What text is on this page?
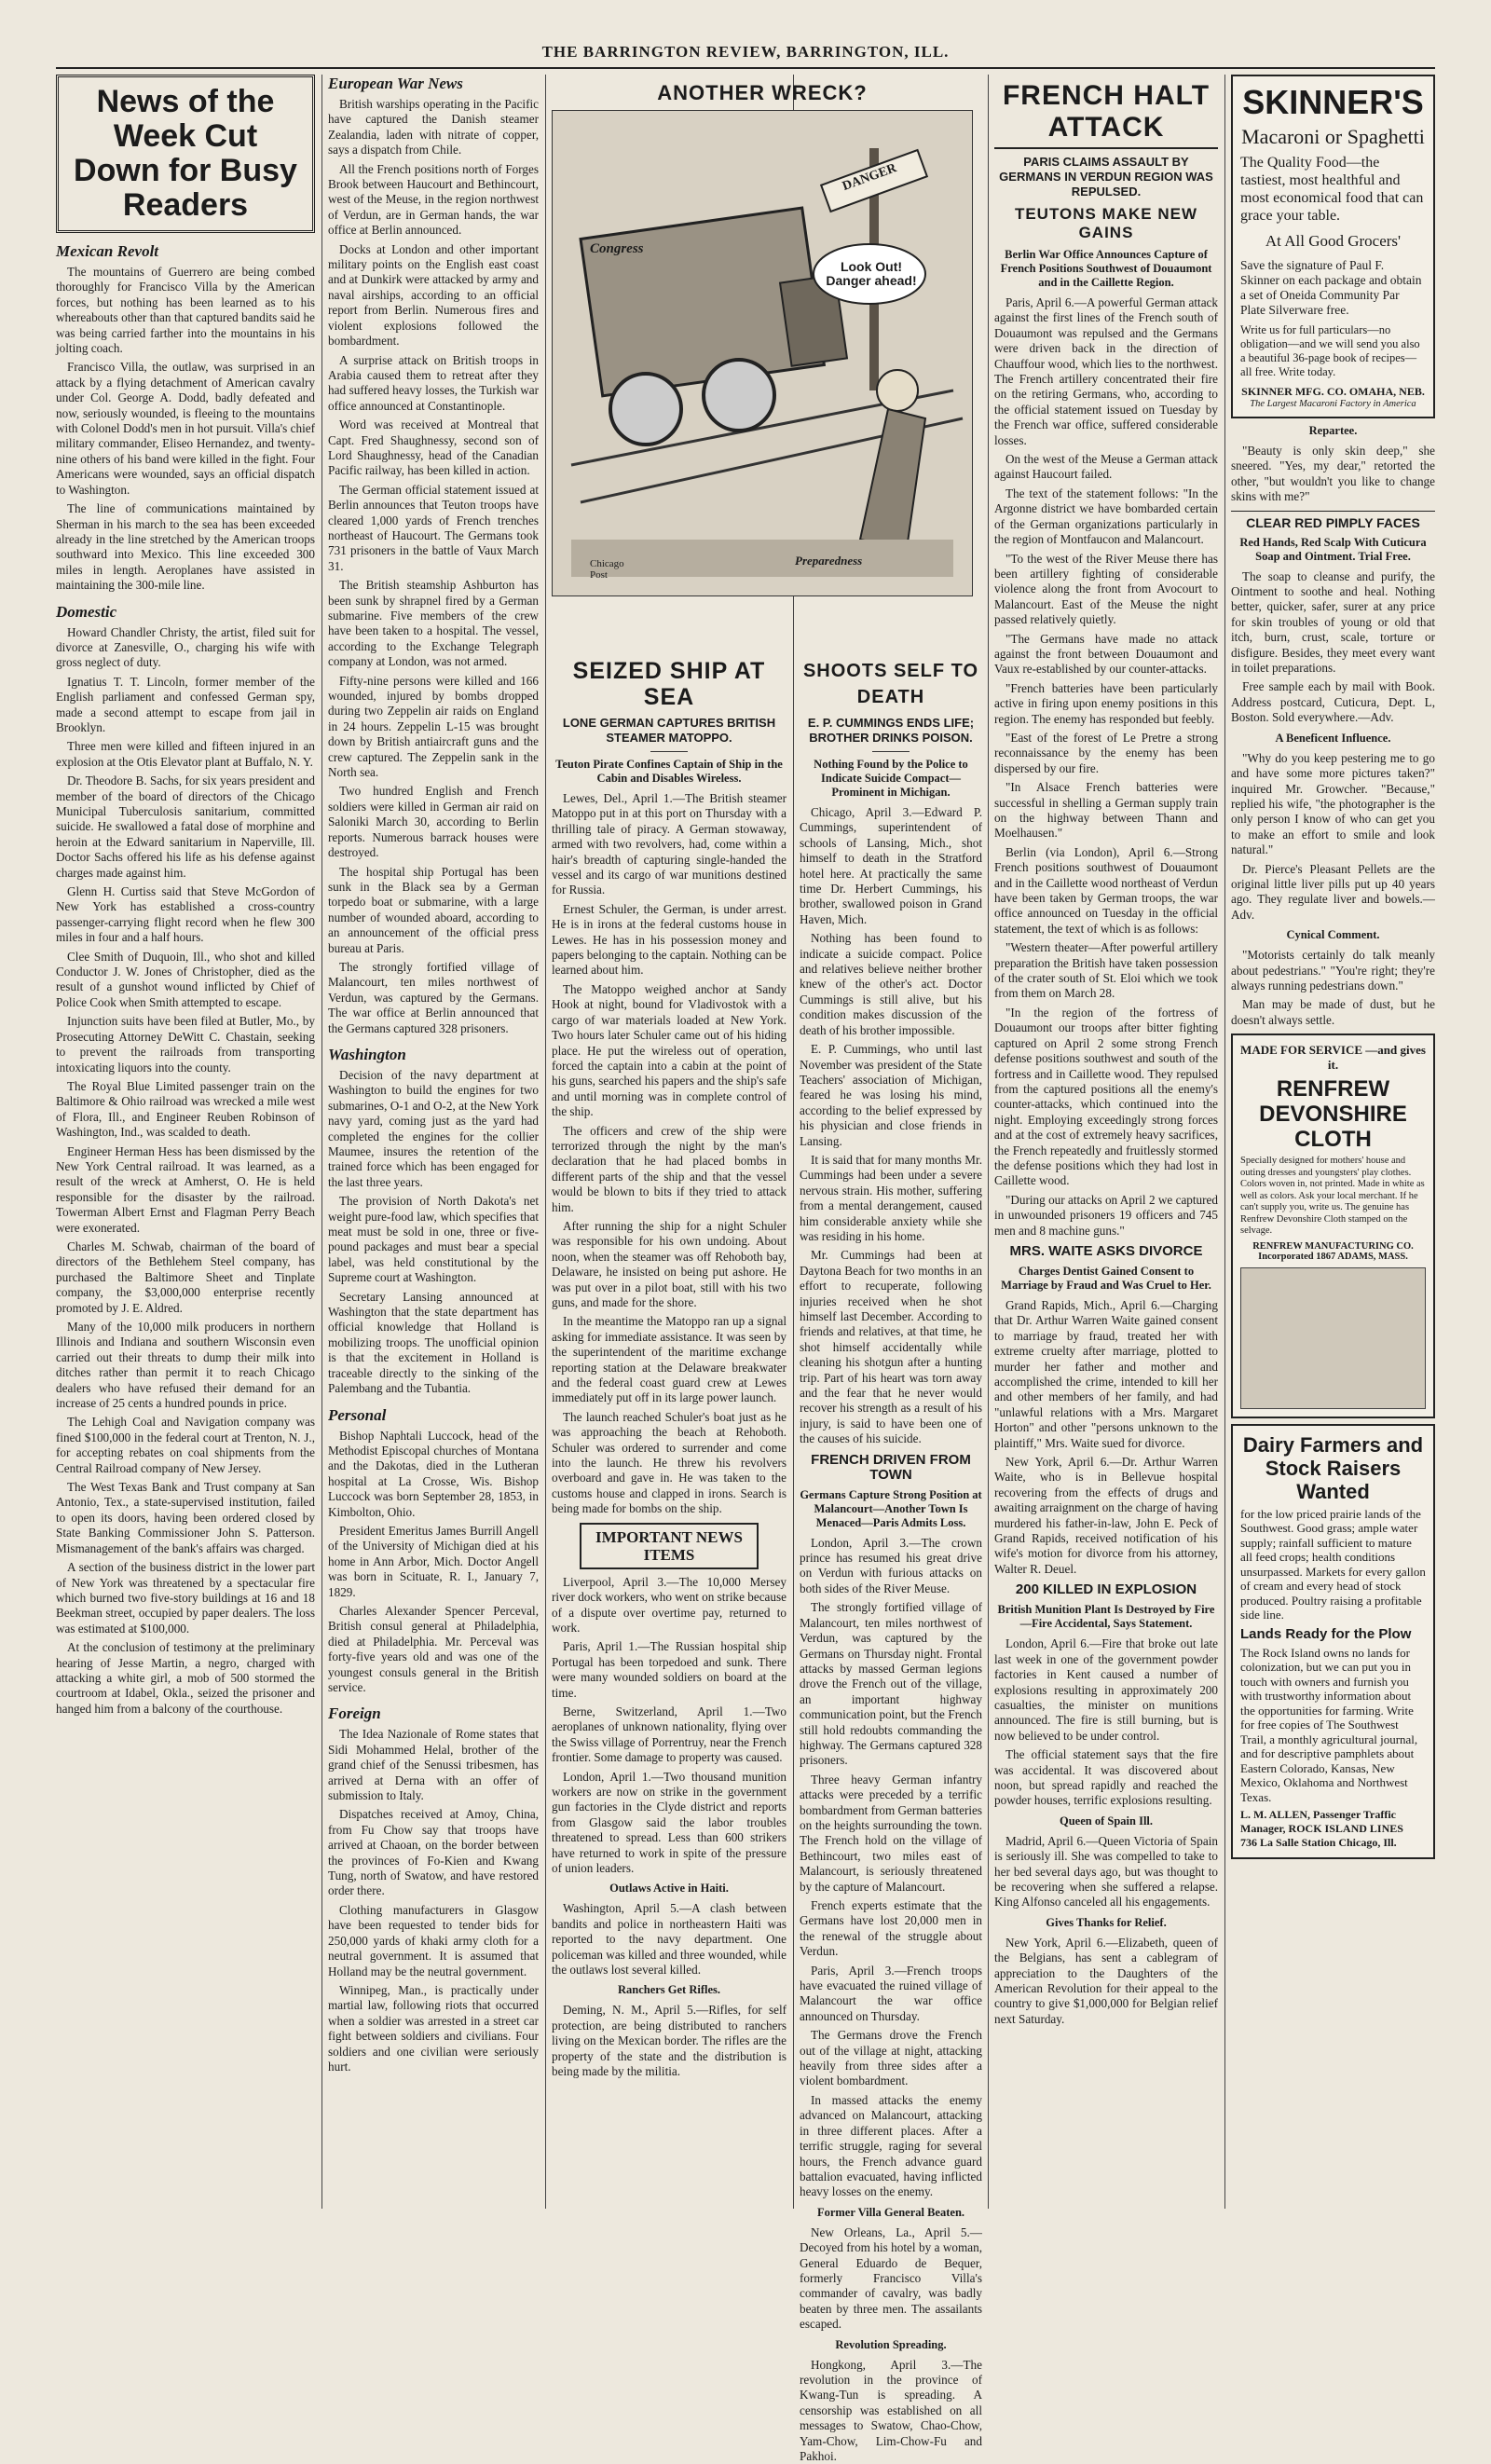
THE BARRINGTON REVIEW, BARRINGTON, ILL.
News of the Week Cut Down for Busy Readers
Mexican Revolt

The mountains of Guerrero are being combed thoroughly for Francisco Villa by the American forces, but nothing has been learned as to his whereabouts other than that captured bandits said he was being carried farther into the mountains in his jolting coach.

Francisco Villa, the outlaw, was surprised in an attack by a flying detachment of American cavalry under Col. George A. Dodd, badly defeated and now, seriously wounded, is fleeing to the mountains with Colonel Dodd's men in hot pursuit. Villa's chief military commander, Eliseo Hernandez, and twenty-nine others of his band were killed in the fight. Four Americans were wounded, says an official dispatch to Washington.

The line of communications maintained by Sherman in his march to the sea has been exceeded already in the line stretched by the American troops southward into Mexico. This line exceeded 300 miles in length. Aeroplanes have assisted in maintaining the 300-mile line.

Domestic

Howard Chandler Christy, the artist, filed suit for divorce at Zanesville, O., charging his wife with gross neglect of duty.

Ignatius T. T. Lincoln, former member of the English parliament and confessed German spy, made a second attempt to escape from jail in Brooklyn.

Three men were killed and fifteen injured in an explosion at the Otis Elevator plant at Buffalo, N. Y.

Dr. Theodore B. Sachs, for six years president and member of the board of directors of the Chicago Municipal Tuberculosis sanitarium, committed suicide. He swallowed a fatal dose of morphine and heroin at the Edward sanitarium in Naperville, Ill. Doctor Sachs offered his life as his defense against charges made against him.

Glenn H. Curtiss said that Steve McGordon of New York has established a cross-country passenger-carrying flight record when he flew 300 miles in four and a half hours.

Clee Smith of Duquoin, Ill., who shot and killed Conductor J. W. Jones of Christopher, died as the result of a gunshot wound inflicted by Chief of Police Cook when Smith attempted to escape.

Injunction suits have been filed at Butler, Mo., by Prosecuting Attorney DeWitt C. Chastain, seeking to prevent the railroads from transporting intoxicating liquors into the county.

The Royal Blue Limited passenger train on the Baltimore & Ohio railroad was wrecked a mile west of Flora, Ill., and Engineer Reuben Robinson of Washington, Ind., was scalded to death.

Engineer Herman Hess has been dismissed by the New York Central railroad. It was learned, as a result of the wreck at Amherst, O. He is held responsible for the disaster by the railroad. Towerman Albert Ernst and Flagman Perry Beach were exonerated.

Charles M. Schwab, chairman of the board of directors of the Bethlehem Steel company, has purchased the Baltimore Sheet and Tinplate company, the $3,000,000 enterprise recently promoted by J. E. Aldred.

Many of the 10,000 milk producers in northern Illinois and Indiana and southern Wisconsin even carried out their threats to dump their milk into ditches rather than permit it to reach Chicago dealers who have refused their demand for an increase of 25 cents a hundred pounds in price.

The Lehigh Coal and Navigation company was fined $100,000 in the federal court at Trenton, N. J., for accepting rebates on coal shipments from the Central Railroad company of New Jersey.

The West Texas Bank and Trust company at San Antonio, Tex., a state-supervised institution, failed to open its doors, having been ordered closed by State Banking Commissioner John S. Patterson. Mismanagement of the bank's affairs was charged.

A section of the business district in the lower part of New York was threatened by a spectacular fire which burned two five-story buildings at 16 and 18 Beekman street, occupied by paper dealers. The loss was estimated at $100,000.

At the conclusion of testimony at the preliminary hearing of Jesse Martin, a negro, charged with attacking a white girl, a mob of 500 stormed the courtroom at Idabel, Okla., seized the prisoner and hanged him from a balcony of the courthouse.

European War News

British warships operating in the Pacific have captured the Danish steamer Zealandia, laden with nitrate of copper, says a dispatch from Chile.

All the French positions north of Forges Brook between Haucourt and Bethincourt, west of the Meuse, in the region northwest of Verdun, are in German hands, the war office at Berlin announced.

Docks at London and other important military points on the English east coast and at Dunkirk were attacked by army and naval airships, according to an official report from Berlin. Numerous fires and violent explosions followed the bombardment.

A surprise attack on British troops in Arabia caused them to retreat after they had suffered heavy losses, the Turkish war office announced at Constantinople.

Word was received at Montreal that Capt. Fred Shaughnessy, second son of Lord Shaughnessy, head of the Canadian Pacific railway, has been killed in action.

The German official statement issued at Berlin announces that Teuton troops have cleared 1,000 yards of French trenches northeast of Haucourt. The Germans took 731 prisoners in the battle of Vaux March 31.

The British steamship Ashburton has been sunk by shrapnel fired by a German submarine. Five members of the crew have been taken to a hospital. The vessel, according to the Exchange Telegraph company at London, was not armed.

Fifty-nine persons were killed and 166 wounded, injured by bombs dropped during two Zeppelin air raids on England in 24 hours. Zeppelin L-15 was brought down by British antiaircraft guns and the crew captured. The Zeppelin sank in the North sea.

Two hundred English and French soldiers were killed in German air raid on Saloniki March 30, according to Berlin reports. Numerous barrack houses were destroyed.

The hospital ship Portugal has been sunk in the Black sea by a German torpedo boat or submarine, with a large number of wounded aboard, according to an announcement of the official press bureau at Paris.

The strongly fortified village of Malancourt, ten miles northwest of Verdun, was captured by the Germans. The war office at Berlin announced that the Germans captured 328 prisoners.

Washington

Decision of the navy department at Washington to build the engines for two submarines, O-1 and O-2, at the New York navy yard, coming just as the yard had completed the engines for the collier Maumee, insures the retention of the trained force which has been engaged for the last three years.

The provision of North Dakota's net weight pure-food law, which specifies that meat must be sold in one, three or five-pound packages and must bear a special label, was held constitutional by the Supreme court at Washington.

Secretary Lansing announced at Washington that the state department has official knowledge that Holland is mobilizing troops. The unofficial opinion is that the excitement in Holland is traceable directly to the sinking of the Palembang and the Tubantia.

Personal

Bishop Naphtali Luccock, head of the Methodist Episcopal churches of Montana and the Dakotas, died in the Lutheran hospital at La Crosse, Wis. Bishop Luccock was born September 28, 1853, in Kimbolton, Ohio.

President Emeritus James Burrill Angell of the University of Michigan died at his home in Ann Arbor, Mich. Doctor Angell was born in Scituate, R. I., January 7, 1829.

Charles Alexander Spencer Perceval, British consul general at Philadelphia, died at Philadelphia. Mr. Perceval was forty-five years old and was one of the youngest consuls general in the British service.

Foreign

The Idea Nazionale of Rome states that Sidi Mohammed Helal, brother of the grand chief of the Senussi tribesmen, has arrived at Derna with an offer of submission to Italy.

Dispatches received at Amoy, China, from Fu Chow say that troops have arrived at Chaoan, on the border between the provinces of Fo-Kien and Kwang Tung, north of Swatow, and have restored order there.

Clothing manufacturers in Glasgow have been requested to tender bids for 250,000 yards of khaki army cloth for a neutral government. It is assumed that Holland may be the neutral government.

Winnipeg, Man., is practically under martial law, following riots that occurred when a soldier was arrested in a street car fight between soldiers and civilians. Four soldiers and one civilian were seriously hurt.

ANOTHER WRECK?
DANGER
Look Out! Danger ahead!
Congress
Preparedness
Chicago Post
SEIZED SHIP AT SEA
LONE GERMAN CAPTURES BRITISH STEAMER MATOPPO.
Teuton Pirate Confines Captain of Ship in the Cabin and Disables Wireless.

Lewes, Del., April 1.—The British steamer Matoppo put in at this port on Thursday with a thrilling tale of piracy. A German stowaway, armed with two revolvers, had, come within a hair's breadth of capturing single-handed the vessel and its cargo of war munitions destined for Russia.

Ernest Schuler, the German, is under arrest. He is in irons at the federal customs house in Lewes. He has in his possession money and papers belonging to the captain. Nothing can be learned about him.

The Matoppo weighed anchor at Sandy Hook at night, bound for Vladivostok with a cargo of war materials loaded at New York. Two hours later Schuler came out of his hiding place. He put the wireless out of operation, forced the captain into a cabin at the point of his guns, searched his papers and the ship's safe and until morning was in complete control of the ship.

The officers and crew of the ship were terrorized through the night by the man's declaration that he had placed bombs in different parts of the ship and that the vessel would be blown to bits if they tried to attack him.

After running the ship for a night Schuler was responsible for his own undoing. About noon, when the steamer was off Rehoboth bay, Delaware, he insisted on being put ashore. He was put over in a pilot boat, still with his two guns, and made for the shore.

In the meantime the Matoppo ran up a signal asking for immediate assistance. It was seen by the superintendent of the maritime exchange reporting station at the Delaware breakwater and the federal coast guard crew at Lewes immediately put off in its large power launch.

The launch reached Schuler's boat just as he was approaching the beach at Rehoboth. Schuler was ordered to surrender and come into the launch. He threw his revolvers overboard and gave in. He was taken to the customs house and clapped in irons. Search is being made for bombs on the ship.

IMPORTANT NEWS ITEMS

Liverpool, April 3.—The 10,000 Mersey river dock workers, who went on strike because of a dispute over overtime pay, returned to work.

Paris, April 1.—The Russian hospital ship Portugal has been torpedoed and sunk. There were many wounded soldiers on board at the time.

Berne, Switzerland, April 1.—Two aeroplanes of unknown nationality, flying over the Swiss village of Porrentruy, near the French frontier. Some damage to property was caused.

London, April 1.—Two thousand munition workers are now on strike in the government gun factories in the Clyde district and reports from Glasgow said the labor troubles threatened to spread. Less than 600 strikers have returned to work in spite of the pressure of union leaders.

Outlaws Active in Haiti.

Washington, April 5.—A clash between bandits and police in northeastern Haiti was reported to the navy department. One policeman was killed and three wounded, while the outlaws lost several killed.

Ranchers Get Rifles.

Deming, N. M., April 5.—Rifles, for self protection, are being distributed to ranchers living on the Mexican border. The rifles are the property of the state and the distribution is being made by the militia.

SHOOTS SELF TO DEATH
E. P. CUMMINGS ENDS LIFE; BROTHER DRINKS POISON.
Nothing Found by the Police to Indicate Suicide Compact—Prominent in Michigan.

Chicago, April 3.—Edward P. Cummings, superintendent of schools of Lansing, Mich., shot himself to death in the Stratford hotel here. At practically the same time Dr. Herbert Cummings, his brother, swallowed poison in Grand Haven, Mich.

Nothing has been found to indicate a suicide compact. Police and relatives believe neither brother knew of the other's act. Doctor Cummings is still alive, but his condition makes discussion of the death of his brother impossible.

E. P. Cummings, who until last November was president of the State Teachers' association of Michigan, feared he was losing his mind, according to the belief expressed by his physician and close friends in Lansing.

It is said that for many months Mr. Cummings had been under a severe nervous strain. His mother, suffering from a mental derangement, caused him considerable anxiety while she was residing in his home.

Mr. Cummings had been at Daytona Beach for two months in an effort to recuperate, following injuries received when he shot himself last December. According to friends and relatives, at that time, he shot himself accidentally while cleaning his shotgun after a hunting trip. Part of his heart was torn away and the fear that he never would recover his strength as a result of his injury, is said to have been one of the causes of his suicide.

FRENCH DRIVEN FROM TOWN
Germans Capture Strong Position at Malancourt—Another Town Is Menaced—Paris Admits Loss.

London, April 3.—The crown prince has resumed his great drive on Verdun with furious attacks on both sides of the River Meuse.

The strongly fortified village of Malancourt, ten miles northwest of Verdun, was captured by the Germans on Thursday night. Frontal attacks by massed German legions drove the French out of the village, an important highway communication point, but the French still hold redoubts commanding the highway. The Germans captured 328 prisoners.

Three heavy German infantry attacks were preceded by a terrific bombardment from German batteries on the heights surrounding the town. The French hold on the village of Bethincourt, two miles east of Malancourt, is seriously threatened by the capture of Malancourt.

French experts estimate that the Germans have lost 20,000 men in the renewal of the struggle about Verdun.

Paris, April 3.—French troops have evacuated the ruined village of Malancourt the war office announced on Thursday.

The Germans drove the French out of the village at night, attacking heavily from three sides after a violent bombardment.

In massed attacks the enemy advanced on Malancourt, attacking in three different places. After a terrific struggle, raging for several hours, the French advance guard battalion evacuated, having inflicted heavy losses on the enemy.

Former Villa General Beaten.

New Orleans, La., April 5.—Decoyed from his hotel by a woman, General Eduardo de Bequer, formerly Francisco Villa's commander of cavalry, was badly beaten by three men. The assailants escaped.

Revolution Spreading.

Hongkong, April 3.—The revolution in the province of Kwang-Tun is spreading. A censorship was established on all messages to Swatow, Chao-Chow, Yam-Chow, Lim-Chow-Fu and Pakhoi.

FRENCH HALT ATTACK
PARIS CLAIMS ASSAULT BY GERMANS IN VERDUN REGION WAS REPULSED.
TEUTONS MAKE NEW GAINS
Berlin War Office Announces Capture of French Positions Southwest of Douaumont and in the Caillette Region.

Paris, April 6.—A powerful German attack against the first lines of the French south of Douaumont was repulsed and the Germans were driven back in the direction of Chauffour wood, which lies to the northwest. The French artillery concentrated their fire on the retiring Germans, who, according to the official statement issued on Tuesday by the French war office, suffered considerable losses.

On the west of the Meuse a German attack against Haucourt failed.

The text of the statement follows: "In the Argonne district we have bombarded certain of the German organizations particularly in the region of Montfaucon and Malancourt.

"To the west of the River Meuse there has been artillery fighting of considerable violence along the front from Avocourt to Malancourt. East of the Meuse the night passed relatively quietly.

"The Germans have made no attack against the front between Douaumont and Vaux re-established by our counter-attacks.

"French batteries have been particularly active in firing upon enemy positions in this region. The enemy has responded but feebly.

"East of the forest of Le Pretre a strong reconnaissance by the enemy has been dispersed by our fire.

"In Alsace French batteries were successful in shelling a German supply train on the highway between Thann and Moelhausen."

Berlin (via London), April 6.—Strong French positions southwest of Douaumont and in the Caillette wood northeast of Verdun have been taken by German troops, the war office announced on Tuesday in the official statement, the text of which is as follows:

"Western theater—After powerful artillery preparation the British have taken possession of the crater south of St. Eloi which we took from them on March 28.

"In the region of the fortress of Douaumont our troops after bitter fighting captured on April 2 some strong French defense positions southwest and south of the fortress and in Caillette wood. They repulsed from the captured positions all the enemy's counter-attacks, which continued into the night. Employing exceedingly strong forces and at the cost of extremely heavy sacrifices, the French repeatedly and fruitlessly stormed the defense positions which they had lost in Caillette wood.

"During our attacks on April 2 we captured in unwounded prisoners 19 officers and 745 men and 8 machine guns."

MRS. WAITE ASKS DIVORCE
Charges Dentist Gained Consent to Marriage by Fraud and Was Cruel to Her.

Grand Rapids, Mich., April 6.—Charging that Dr. Arthur Warren Waite gained consent to marriage by fraud, treated her with extreme cruelty after marriage, plotted to murder her father and mother and accomplished the crime, intended to kill her and other members of her family, and had "unlawful relations with a Mrs. Margaret Horton" and other "persons unknown to the plaintiff," Mrs. Waite sued for divorce.

New York, April 6.—Dr. Arthur Warren Waite, who is in Bellevue hospital recovering from the effects of drugs and awaiting arraignment on the charge of having murdered his father-in-law, John E. Peck of Grand Rapids, received notification of his wife's motion for divorce from his attorney, Walter R. Deuel.

200 KILLED IN EXPLOSION
British Munition Plant Is Destroyed by Fire—Fire Accidental, Says Statement.

London, April 6.—Fire that broke out late last week in one of the government powder factories in Kent caused a number of explosions resulting in approximately 200 casualties, the minister on munitions announced. The fire is still burning, but is now believed to be under control.

The official statement says that the fire was accidental. It was discovered about noon, but spread rapidly and reached the powder houses, terrific explosions resulting.

Queen of Spain Ill.

Madrid, April 6.—Queen Victoria of Spain is seriously ill. She was compelled to take to her bed several days ago, but was thought to be recovering when she suffered a relapse. King Alfonso canceled all his engagements.

Gives Thanks for Relief.

New York, April 6.—Elizabeth, queen of the Belgians, has sent a cablegram of appreciation to the Daughters of the American Revolution for their appeal to the country to give $1,000,000 for Belgian relief next Saturday.

SKINNER'S
Macaroni or Spaghetti
The Quality Food—the tastiest, most healthful and most economical food that can grace your table.
At All Good Grocers'
Save the signature of Paul F. Skinner on each package and obtain a set of Oneida Community Par Plate Silverware free.
Write us for full particulars—no obligation—and we will send you also a beautiful 36-page book of recipes—all free. Write today.
SKINNER MFG. CO. OMAHA, NEB.
The Largest Macaroni Factory in America
Repartee.

"Beauty is only skin deep," she sneered. "Yes, my dear," retorted the other, "but wouldn't you like to change skins with me?"

CLEAR RED PIMPLY FACES
Red Hands, Red Scalp With Cuticura Soap and Ointment. Trial Free.

The soap to cleanse and purify, the Ointment to soothe and heal. Nothing better, quicker, safer, surer at any price for skin troubles of young or old that itch, burn, crust, scale, torture or disfigure. Besides, they meet every want in toilet preparations.

Free sample each by mail with Book. Address postcard, Cuticura, Dept. L, Boston. Sold everywhere.—Adv.

A Beneficent Influence.

"Why do you keep pestering me to go and have some more pictures taken?" inquired Mr. Growcher. "Because," replied his wife, "the photographer is the only person I know of who can get you to make an effort to smile and look natural."

Dr. Pierce's Pleasant Pellets are the original little liver pills put up 40 years ago. They regulate liver and bowels.—Adv.

Cynical Comment.

"Motorists certainly do talk meanly about pedestrians." "You're right; they're always running pedestrians down."

Man may be made of dust, but he doesn't always settle.

MADE FOR SERVICE —and gives it.
RENFREW DEVONSHIRE CLOTH
Specially designed for mothers' house and outing dresses and youngsters' play clothes. Colors woven in, not printed. Made in white as well as colors. Ask your local merchant. If he can't supply you, write us. The genuine has Renfrew Devonshire Cloth stamped on the selvage.
RENFREW MANUFACTURING CO. Incorporated 1867 ADAMS, MASS.
Dairy Farmers and Stock Raisers Wanted
for the low priced prairie lands of the Southwest. Good grass; ample water supply; rainfall sufficient to mature all feed crops; health conditions unsurpassed. Markets for every gallon of cream and every head of stock produced. Poultry raising a profitable side line.
Lands Ready for the Plow
The Rock Island owns no lands for colonization, but we can put you in touch with owners and furnish you with trustworthy information about the opportunities for farming. Write for free copies of The Southwest Trail, a monthly agricultural journal, and for descriptive pamphlets about Eastern Colorado, Kansas, New Mexico, Oklahoma and Northwest Texas.
L. M. ALLEN, Passenger Traffic Manager, ROCK ISLAND LINES
736 La Salle Station Chicago, Ill.
